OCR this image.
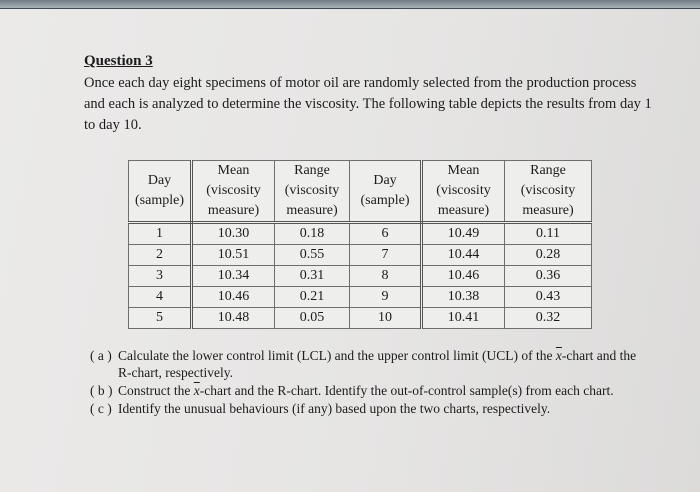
Question 3
Once each day eight specimens of motor oil are randomly selected from the production process and each is analyzed to determine the viscosity. The following table depicts the results from day 1 to day 10.
Day (sample)	Mean (viscosity measure)	Range (viscosity measure)	Day (sample)	Mean (viscosity measure)	Range (viscosity measure)
1	10.30	0.18	6	10.49	0.11
2	10.51	0.55	7	10.44	0.28
3	10.34	0.31	8	10.46	0.36
4	10.46	0.21	9	10.38	0.43
5	10.48	0.05	10	10.41	0.32
( a ) Calculate the lower control limit (LCL) and the upper control limit (UCL) of the $\overline{x}$-chart and the R-chart, respectively.
( b ) Construct the $\overline{x}$-chart and the R-chart. Identify the out-of-control sample(s) from each chart.
( c ) Identify the unusual behaviours (if any) based upon the two charts, respectively.
